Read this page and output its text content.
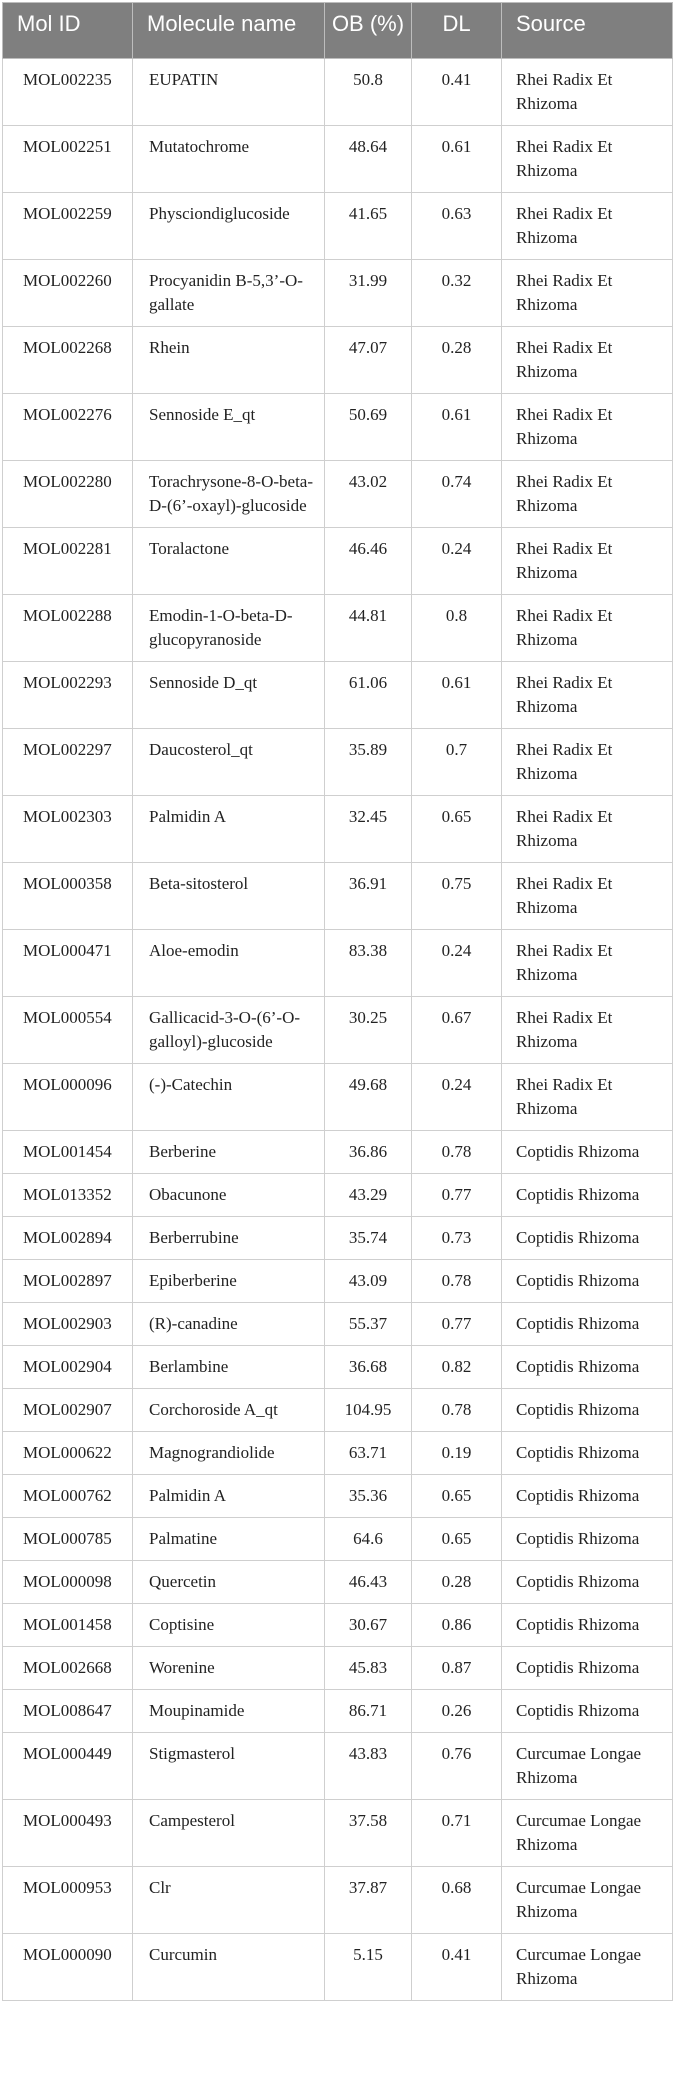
Mol ID	Molecule name	OB (%)	DL	Source
MOL002235	EUPATIN	50.8	0.41	Rhei Radix Et Rhizoma
MOL002251	Mutatochrome	48.64	0.61	Rhei Radix Et Rhizoma
MOL002259	Physciondiglucoside	41.65	0.63	Rhei Radix Et Rhizoma
MOL002260	Procyanidin B-5,3’-O-gallate	31.99	0.32	Rhei Radix Et Rhizoma
MOL002268	Rhein	47.07	0.28	Rhei Radix Et Rhizoma
MOL002276	Sennoside E_qt	50.69	0.61	Rhei Radix Et Rhizoma
MOL002280	Torachrysone-8-O-beta-D-(6’-oxayl)-glucoside	43.02	0.74	Rhei Radix Et Rhizoma
MOL002281	Toralactone	46.46	0.24	Rhei Radix Et Rhizoma
MOL002288	Emodin-1-O-beta-D-glucopyranoside	44.81	0.8	Rhei Radix Et Rhizoma
MOL002293	Sennoside D_qt	61.06	0.61	Rhei Radix Et Rhizoma
MOL002297	Daucosterol_qt	35.89	0.7	Rhei Radix Et Rhizoma
MOL002303	Palmidin A	32.45	0.65	Rhei Radix Et Rhizoma
MOL000358	Beta-sitosterol	36.91	0.75	Rhei Radix Et Rhizoma
MOL000471	Aloe-emodin	83.38	0.24	Rhei Radix Et Rhizoma
MOL000554	Gallicacid-3-O-(6’-O-galloyl)-glucoside	30.25	0.67	Rhei Radix Et Rhizoma
MOL000096	(-)-Catechin	49.68	0.24	Rhei Radix Et Rhizoma
MOL001454	Berberine	36.86	0.78	Coptidis Rhizoma
MOL013352	Obacunone	43.29	0.77	Coptidis Rhizoma
MOL002894	Berberrubine	35.74	0.73	Coptidis Rhizoma
MOL002897	Epiberberine	43.09	0.78	Coptidis Rhizoma
MOL002903	(R)-canadine	55.37	0.77	Coptidis Rhizoma
MOL002904	Berlambine	36.68	0.82	Coptidis Rhizoma
MOL002907	Corchoroside A_qt	104.95	0.78	Coptidis Rhizoma
MOL000622	Magnograndiolide	63.71	0.19	Coptidis Rhizoma
MOL000762	Palmidin A	35.36	0.65	Coptidis Rhizoma
MOL000785	Palmatine	64.6	0.65	Coptidis Rhizoma
MOL000098	Quercetin	46.43	0.28	Coptidis Rhizoma
MOL001458	Coptisine	30.67	0.86	Coptidis Rhizoma
MOL002668	Worenine	45.83	0.87	Coptidis Rhizoma
MOL008647	Moupinamide	86.71	0.26	Coptidis Rhizoma
MOL000449	Stigmasterol	43.83	0.76	Curcumae Longae Rhizoma
MOL000493	Campesterol	37.58	0.71	Curcumae Longae Rhizoma
MOL000953	Clr	37.87	0.68	Curcumae Longae Rhizoma
MOL000090	Curcumin	5.15	0.41	Curcumae Longae Rhizoma
